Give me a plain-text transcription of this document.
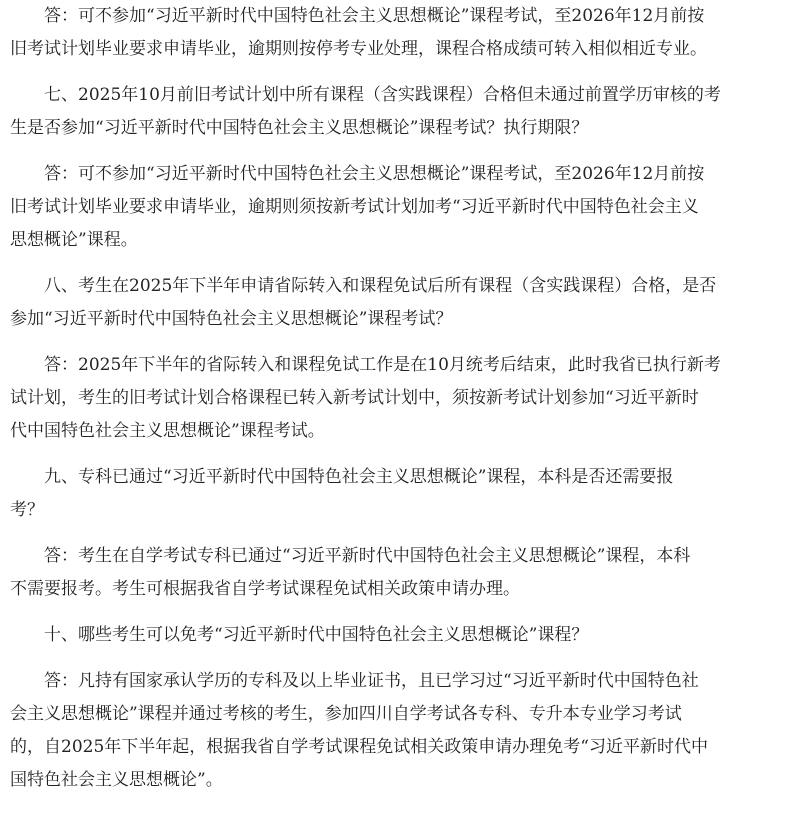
答：可不参加“习近平新时代中国特色社会主义思想概论”课程考试，至2026年12月前按
旧考试计划毕业要求申请毕业，逾期则按停考专业处理，课程合格成绩可转入相似相近专业。
七、2025年10月前旧考试计划中所有课程（含实践课程）合格但未通过前置学历审核的考
生是否参加“习近平新时代中国特色社会主义思想概论”课程考试？执行期限？
答：可不参加“习近平新时代中国特色社会主义思想概论”课程考试，至2026年12月前按
旧考试计划毕业要求申请毕业，逾期则须按新考试计划加考“习近平新时代中国特色社会主义
思想概论”课程。
八、考生在2025年下半年申请省际转入和课程免试后所有课程（含实践课程）合格，是否
参加“习近平新时代中国特色社会主义思想概论”课程考试？
答：2025年下半年的省际转入和课程免试工作是在10月统考后结束，此时我省已执行新考
试计划，考生的旧考试计划合格课程已转入新考试计划中，须按新考试计划参加“习近平新时
代中国特色社会主义思想概论”课程考试。
九、专科已通过“习近平新时代中国特色社会主义思想概论”课程，本科是否还需要报
考？
答：考生在自学考试专科已通过“习近平新时代中国特色社会主义思想概论”课程，本科
不需要报考。考生可根据我省自学考试课程免试相关政策申请办理。
十、哪些考生可以免考“习近平新时代中国特色社会主义思想概论”课程？
答：凡持有国家承认学历的专科及以上毕业证书，且已学习过“习近平新时代中国特色社
会主义思想概论”课程并通过考核的考生，参加四川自学考试各专科、专升本专业学习考试
的，自2025年下半年起，根据我省自学考试课程免试相关政策申请办理免考“习近平新时代中
国特色社会主义思想概论”。
